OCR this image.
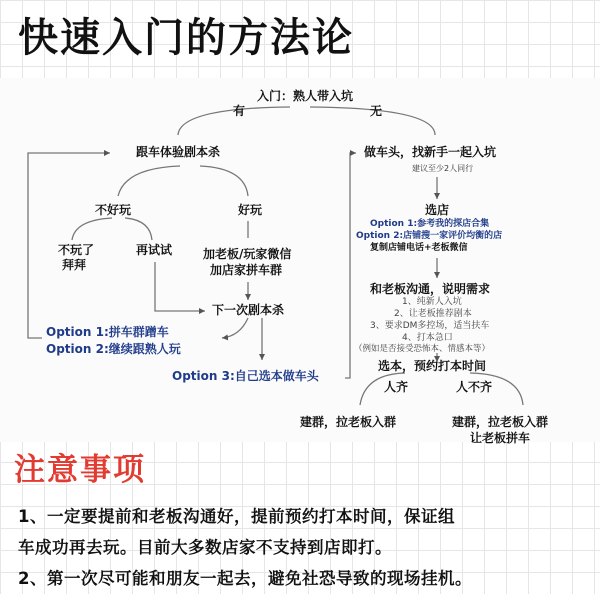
快速入门的方法论
入门：熟人带入坑
有	无
跟车体验剧本杀
不好玩	好玩
不玩了
拜拜
再试试	加老板/玩家微信
加店家拼车群
下一次剧本杀
Option 1:拼车群蹭车
Option 2:继续跟熟人玩
Option 3:自己选本做车头
做车头，找新手一起入坑
建议至少2人同行
选店
Option 1:参考我的探店合集
Option 2:店铺搜一家评价均衡的店
复制店铺电话+老板微信
和老板沟通，说明需求
1、纯新人入坑
2、让老板推荐剧本
3、要求DM多控场，适当扶车
4、打本急口
（例如是否接受恐怖本、情感本等）
选本，预约打本时间
人齐	人不齐
建群，拉老板入群	建群，拉老板入群
让老板拼车
注意事项
1、一定要提前和老板沟通好，提前预约打本时间，保证组
车成功再去玩。目前大多数店家不支持到店即打。
2、第一次尽可能和朋友一起去，避免社恐导致的现场挂机。
